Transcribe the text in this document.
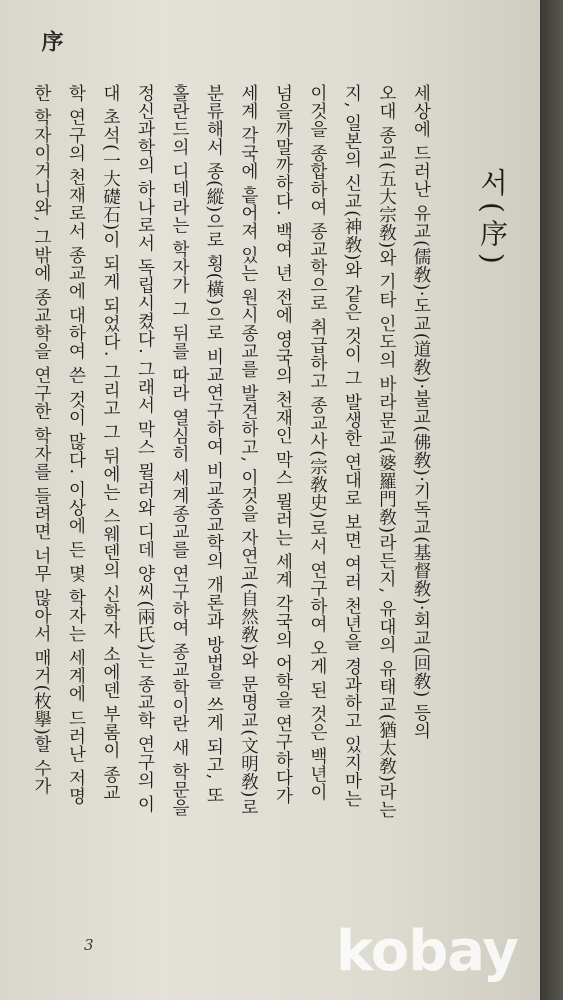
序
서(序)
세상에 드러난 유교(儒敎)·도교(道敎)·불교(佛敎)·기독교(基督敎)·회교(回敎) 등의
오대 종교(五大宗敎)와 기타 인도의 바라문교(婆羅門敎)라든지, 유대의 유태교(猶太敎)라는
지, 일본의 신교(神敎)와 같은 것이 그 발생한 연대로 보면 여러 천년을 경과하고 있지마는
이것을 종합하여 종교학으로 취급하고 종교사(宗敎史)로서 연구하여 오게 된 것은 백년이
넘을까말까하다. 백여 년 전에 영국의 천재인 막스 뮐러는 세계 각국의 어학을 연구하다가
세계 각국에 흩어져 있는 원시종교를 발견하고, 이것을 자연교(自然敎)와 문명교(文明敎)로
분류해서 종(縱)으로 횡(橫)으로 비교연구하여 비교종교학의 개론과 방법을 쓰게 되고, 또
홀란드의 디데라는 학자가 그 뒤를 따라 열심히 세계종교를 연구하여 종교학이란 새 학문을
정신과학의 하나로서 독립시켰다. 그래서 막스 뮐러와 디데 양씨(兩氏)는 종교학 연구의 이
대 초석(一大礎石)이 되게 되었다. 그리고 그 뒤에는 스웨덴의 신학자 소에덴 부롬이 종교
학 연구의 천재로서 종교에 대하여 쓴 것이 많다. 이상에 든 몇 학자는 세계에 드러난 저명
한 학자이거니와, 그밖에 종교학을 연구한 학자를 들려면 너무 많아서 매거(枚擧)할 수가
3	kobay
